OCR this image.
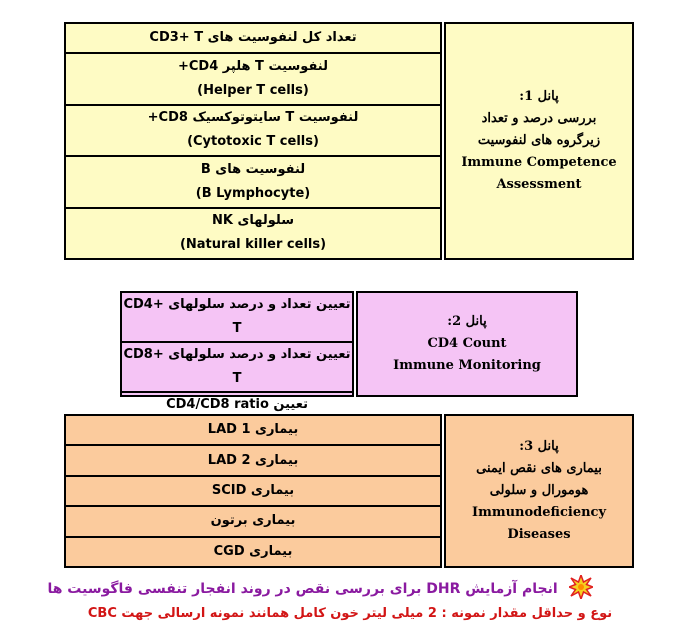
تعداد کل لنفوسیت های CD3+ T
لنفوسیت T هلپر CD4+
(Helper T cells)
لنفوسیت T سایتوتوکسیک CD8+
(Cytotoxic T cells)
لنفوسیت های B
(B Lymphocyte)
سلولهای NK
(Natural killer cells)
پانل 1:
بررسی درصد و تعداد
زیرگروه های لنفوسیت
Immune Competence
Assessment
تعیین تعداد و درصد سلولهای CD4+ T
تعیین تعداد و درصد سلولهای CD8+ T
تعیین CD4/CD8 ratio
پانل 2:
CD4 Count
Immune Monitoring
بیماری LAD 1
بیماری LAD 2
بیماری SCID
بیماری برتون
بیماری CGD
پانل 3:
بیماری های نقص ایمنی
هومورال و سلولی
Immunodeficiency
Diseases
انجام آزمایش DHR برای بررسی نقص در روند انفجار تنفسی فاگوسیت ها
نوع و حداقل مقدار نمونه : 2 میلی لیتر خون کامل همانند نمونه ارسالی جهت CBC
